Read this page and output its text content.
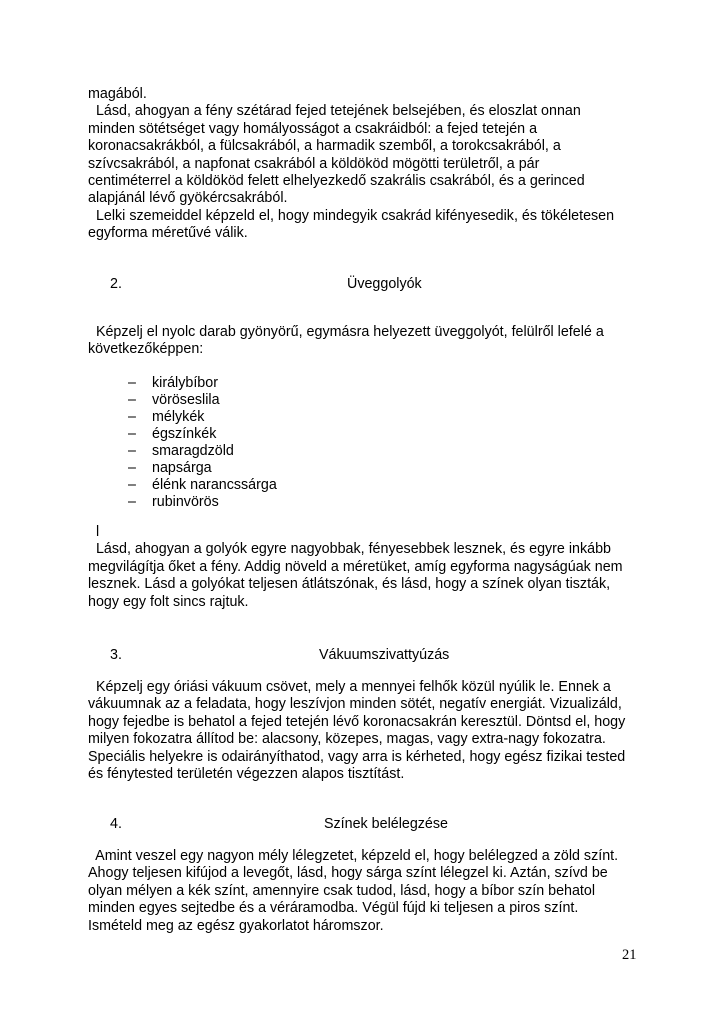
magából.
Lásd, ahogyan a fény szétárad fejed tetejének belsejében, és eloszlat onnan
minden sötétséget vagy homályosságot a csakráidból: a fejed tetején a
koronacsakrákból, a fülcsakrából, a harmadik szemből, a torokcsakrából, a
szívcsakrából, a napfonat csakrából a köldököd mögötti területről, a pár
centiméterrel a köldököd felett elhelyezkedő szakrális csakrából, és a gerinced
alapjánál lévő gyökércsakrából.
Lelki szemeiddel képzeld el, hogy mindegyik csakrád kifényesedik, és tökéletesen
egyforma méretűvé válik.
2.	Üveggolyók
Képzelj el nyolc darab gyönyörű, egymásra helyezett üveggolyót, felülről lefelé a
következőképpen:
– királybíbor
– vöröseslila
– mélykék
– égszínkék
– smaragdzöld
– napsárga
– élénk narancssárga
– rubinvörös
l
Lásd, ahogyan a golyók egyre nagyobbak, fényesebbek lesznek, és egyre inkább
megvilágítja őket a fény. Addig növeld a méretüket, amíg egyforma nagyságúak nem
lesznek. Lásd a golyókat teljesen átlátszónak, és lásd, hogy a színek olyan tiszták,
hogy egy folt sincs rajtuk.
3.	Vákuumszivattyúzás
Képzelj egy óriási vákuum csövet, mely a mennyei felhők közül nyúlik le. Ennek a
vákuumnak az a feladata, hogy leszívjon minden sötét, negatív energiát. Vizualizáld,
hogy fejedbe is behatol a fejed tetején lévő koronacsakrán keresztül. Döntsd el, hogy
milyen fokozatra állítod be: alacsony, közepes, magas, vagy extra-nagy fokozatra.
Speciális helyekre is odairányíthatod, vagy arra is kérheted, hogy egész fizikai tested
és fénytested területén végezzen alapos tisztítást.
4.	Színek belélegzése
Amint veszel egy nagyon mély lélegzetet, képzeld el, hogy belélegzed a zöld színt.
Ahogy teljesen kifújod a levegőt, lásd, hogy sárga színt lélegzel ki. Aztán, szívd be
olyan mélyen a kék színt, amennyire csak tudod, lásd, hogy a bíbor szín behatol
minden egyes sejtedbe és a véráramodba. Végül fújd ki teljesen a piros színt.
Ismételd meg az egész gyakorlatot háromszor.
21
